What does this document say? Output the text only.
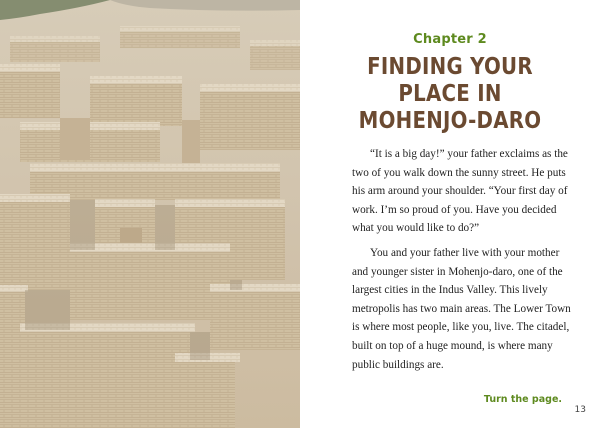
Chapter 2
FINDING YOUR
PLACE IN
MOHENJO-DARO

“It is a big day!” your father exclaims as the two of you walk down the sunny street. He puts his arm around your shoulder. “Your first day of work. I’m so proud of you. Have you decided what you would like to do?”

You and your father live with your mother and younger sister in Mohenjo-daro, one of the largest cities in the Indus Valley. This lively metropolis has two main areas. The Lower Town is where most people, like you, live. The citadel, built on top of a huge mound, is where many public buildings are.

Turn the page.
13
